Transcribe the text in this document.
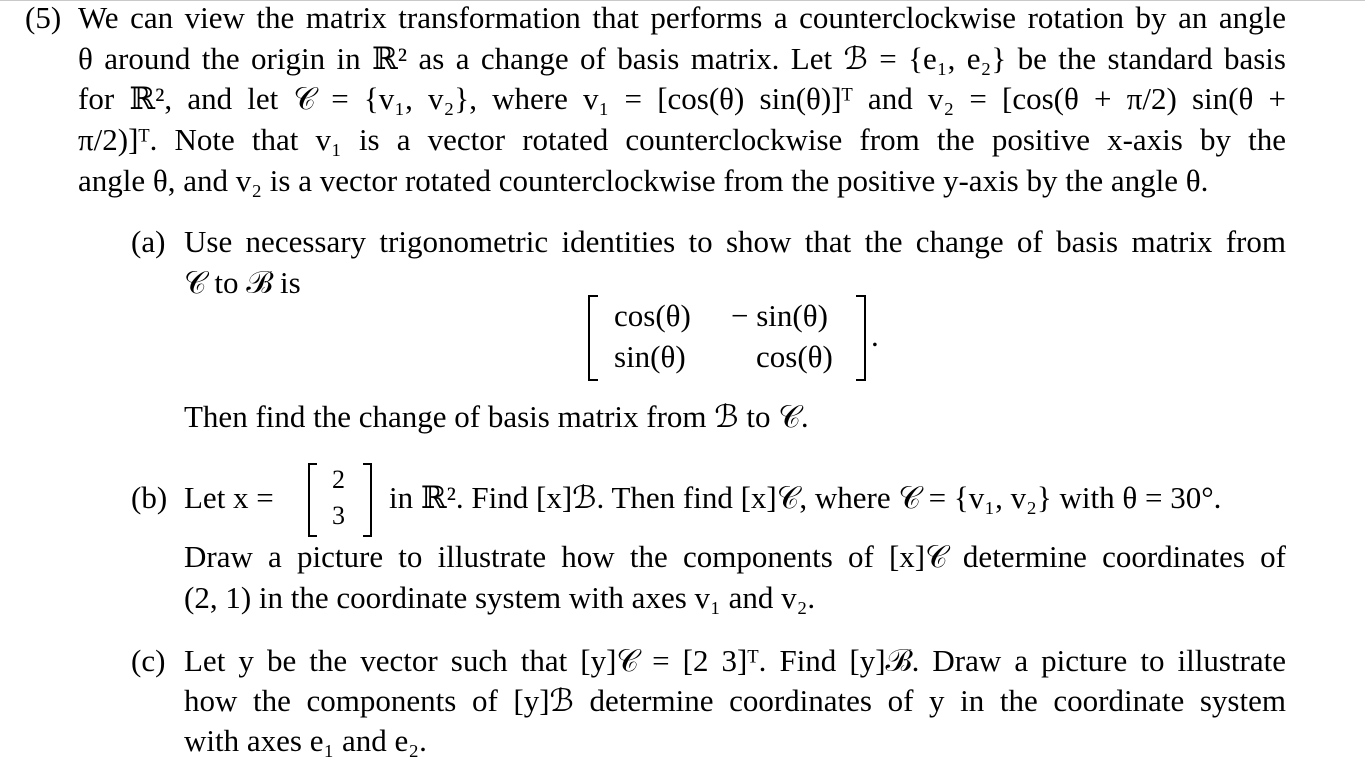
(5) We can view the matrix transformation that performs a counterclockwise rotation by an angle
θ around the origin in ℝ² as a change of basis matrix. Let ℬ = {e₁, e₂} be the standard basis
for ℝ², and let 𝒞 = {v₁, v₂}, where v₁ = [cos(θ) sin(θ)]ᵀ and v₂ = [cos(θ + π/2) sin(θ +
π/2)]ᵀ. Note that v₁ is a vector rotated counterclockwise from the positive x-axis by the
angle θ, and v₂ is a vector rotated counterclockwise from the positive y-axis by the angle θ.
(a) Use necessary trigonometric identities to show that the change of basis matrix from
𝒞 to ℬ is
cos(θ) − sin(θ)
sin(θ) cos(θ)
.
Then find the change of basis matrix from ℬ to 𝒞.
(b) Let x =
2
3
in ℝ². Find [x]ℬ. Then find [x]𝒞, where 𝒞 = {v₁, v₂} with θ = 30°.
Draw a picture to illustrate how the components of [x]𝒞 determine coordinates of
(2, 1) in the coordinate system with axes v₁ and v₂.
(c) Let y be the vector such that [y]𝒞 = [2 3]ᵀ. Find [y]ℬ. Draw a picture to illustrate
how the components of [y]ℬ determine coordinates of y in the coordinate system
with axes e₁ and e₂.
